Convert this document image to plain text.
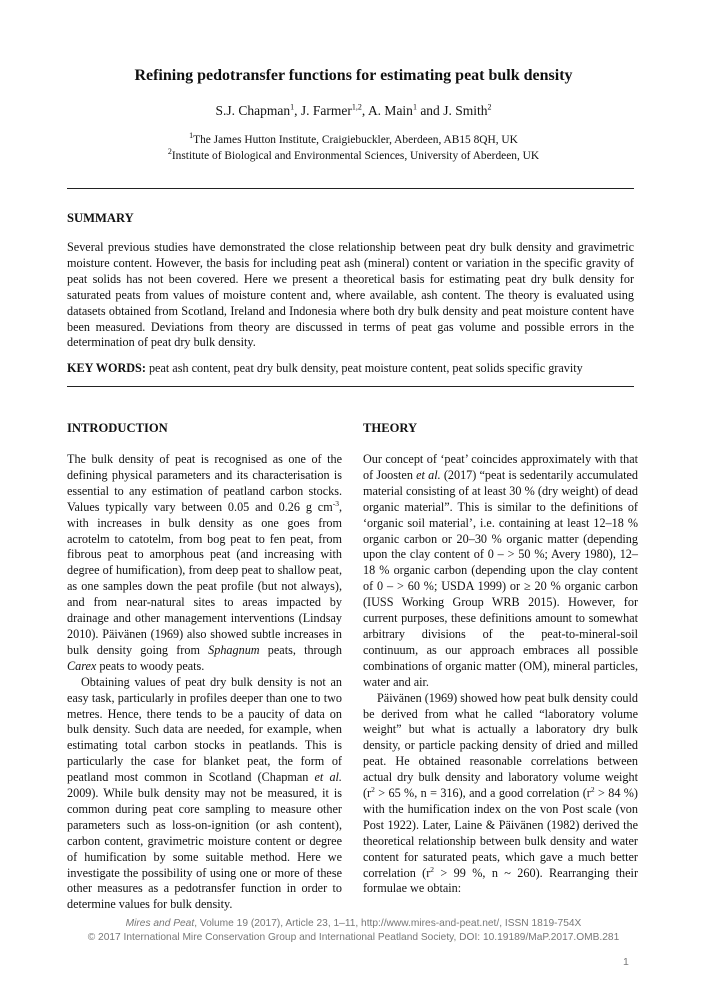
Refining pedotransfer functions for estimating peat bulk density
S.J. Chapman$^1$, J. Farmer$^{1,2}$, A. Main$^1$ and J. Smith$^2$
$^1$The James Hutton Institute, Craigiebuckler, Aberdeen, AB15 8QH, UK
$^2$Institute of Biological and Environmental Sciences, University of Aberdeen, UK
SUMMARY
Several previous studies have demonstrated the close relationship between peat dry bulk density and gravimetric moisture content. However, the basis for including peat ash (mineral) content or variation in the specific gravity of peat solids has not been covered. Here we present a theoretical basis for estimating peat dry bulk density for saturated peats from values of moisture content and, where available, ash content. The theory is evaluated using datasets obtained from Scotland, Ireland and Indonesia where both dry bulk density and peat moisture content have been measured. Deviations from theory are discussed in terms of peat gas volume and possible errors in the determination of peat dry bulk density.
KEY WORDS: peat ash content, peat dry bulk density, peat moisture content, peat solids specific gravity
INTRODUCTION	THEORY

The bulk density of peat is recognised as one of the defining physical parameters and its characterisation is essential to any estimation of peatland carbon stocks. Values typically vary between 0.05 and 0.26 g $cm^{-3}$, with increases in bulk density as one goes from acrotelm to catotelm, from bog peat to fen peat, from fibrous peat to amorphous peat (and increasing with degree of humification), from deep peat to shallow peat, as one samples down the peat profile (but not always), and from near-natural sites to areas impacted by drainage and other management interventions (Lindsay 2010). Päivänen (1969) also showed subtle increases in bulk density going from Sphagnum peats, through Carex peats to woody peats.

Obtaining values of peat dry bulk density is not an easy task, particularly in profiles deeper than one to two metres. Hence, there tends to be a paucity of data on bulk density. Such data are needed, for example, when estimating total carbon stocks in peatlands. This is particularly the case for blanket peat, the form of peatland most common in Scotland (Chapman et al. 2009). While bulk density may not be measured, it is common during peat core sampling to measure other parameters such as loss-on-ignition (or ash content), carbon content, gravimetric moisture content or degree of humification by some suitable method. Here we investigate the possibility of using one or more of these other measures as a pedotransfer function in order to determine values for bulk density.

Our concept of ‘peat’ coincides approximately with that of Joosten et al. (2017) “peat is sedentarily accumulated material consisting of at least 30 % (dry weight) of dead organic material”. This is similar to the definitions of ‘organic soil material’, i.e. containing at least 12–18 % organic carbon or 20–30 % organic matter (depending upon the clay content of 0 – > 50 %; Avery 1980), 12–18 % organic carbon (depending upon the clay content of 0 – > 60 %; USDA 1999) or ≥ 20 % organic carbon (IUSS Working Group WRB 2015). However, for current purposes, these definitions amount to somewhat arbitrary divisions of the peat-to-mineral-soil continuum, as our approach embraces all possible combinations of organic matter (OM), mineral particles, water and air.

Päivänen (1969) showed how peat bulk density could be derived from what he called “laboratory volume weight” but what is actually a laboratory dry bulk density, or particle packing density of dried and milled peat. He obtained reasonable correlations between actual dry bulk density and laboratory volume weight ($r^2 > 65$ %, n = 316), and a good correlation ($r^2 > 84$ %) with the humification index on the von Post scale (von Post 1922). Later, Laine & Päivänen (1982) derived the theoretical relationship between bulk density and water content for saturated peats, which gave a much better correlation ($r^2 > 99$ %, n ~ 260). Rearranging their formulae we obtain:

Mires and Peat, Volume 19 (2017), Article 23, 1–11, http://www.mires-and-peat.net/, ISSN 1819-754X
© 2017 International Mire Conservation Group and International Peatland Society, DOI: 10.19189/MaP.2017.OMB.281
1
